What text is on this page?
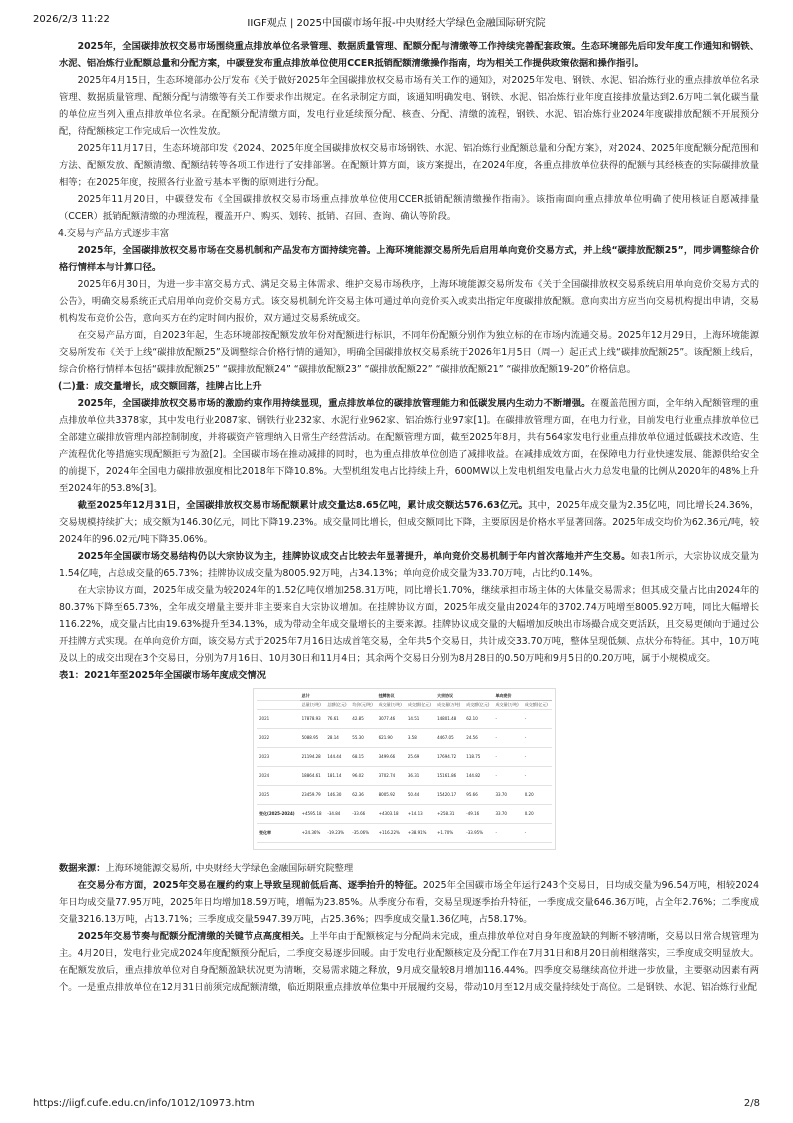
2026/2/3 11:22	IIGF观点 | 2025中国碳市场年报-中央财经大学绿色金融国际研究院

2025年，全国碳排放权交易市场围绕重点排放单位名录管理、数据质量管理、配额分配与清缴等工作持续完善配套政策。生态环境部先后印发年度工作通知和钢铁、水泥、铝冶炼行业配额总量和分配方案，中碳登发布重点排放单位使用CCER抵销配额清缴操作指南，均为相关工作提供政策依据和操作指引。

2025年4月15日，生态环境部办公厅发布《关于做好2025年全国碳排放权交易市场有关工作的通知》，对2025年发电、钢铁、水泥、铝冶炼行业的重点排放单位名录管理、数据质量管理、配额分配与清缴等有关工作要求作出规定。在名录制定方面，该通知明确发电、钢铁、水泥、铝冶炼行业年度直接排放量达到2.6万吨二氧化碳当量的单位应当列入重点排放单位名录。在配额分配清缴方面，发电行业延续预分配、核查、分配、清缴的流程，钢铁、水泥、铝冶炼行业2024年度碳排放配额不开展预分配，待配额核定工作完成后一次性发放。

2025年11月17日，生态环境部印发《2024、2025年度全国碳排放权交易市场钢铁、水泥、铝冶炼行业配额总量和分配方案》，对2024、2025年度配额分配范围和方法、配额发放、配额清缴、配额结转等各项工作进行了安排部署。在配额计算方面，该方案提出，在2024年度，各重点排放单位获得的配额与其经核查的实际碳排放量相等；在2025年度，按照各行业盈亏基本平衡的原则进行分配。

2025年11月20日，中碳登发布《全国碳排放权交易市场重点排放单位使用CCER抵销配额清缴操作指南》。该指南面向重点排放单位明确了使用核证自愿减排量（CCER）抵销配额清缴的办理流程，覆盖开户、购买、划转、抵销、召回、查询、确认等阶段。

4.交易与产品方式逐步丰富

2025年，全国碳排放权交易市场在交易机制和产品发布方面持续完善。上海环境能源交易所先后启用单向竞价交易方式，并上线“碳排放配额25”，同步调整综合价格行情样本与计算口径。

2025年6月30日，为进一步丰富交易方式、满足交易主体需求、维护交易市场秩序，上海环境能源交易所发布《关于全国碳排放权交易系统启用单向竞价交易方式的公告》，明确交易系统正式启用单向竞价交易方式。该交易机制允许交易主体可通过单向竞价买入或卖出指定年度碳排放配额。意向卖出方应当向交易机构提出申请，交易机构发布竞价公告，意向买方在约定时间内报价，双方通过交易系统成交。

在交易产品方面，自2023年起，生态环境部按配额发放年份对配额进行标识，不同年份配额分别作为独立标的在市场内流通交易。2025年12月29日，上海环境能源交易所发布《关于上线“碳排放配额25”及调整综合价格行情的通知》，明确全国碳排放权交易系统于2026年1月5日（周一）起正式上线“碳排放配额25”。该配额上线后，综合价格行情样本包括“碳排放配额25” “碳排放配额24” “碳排放配额23” “碳排放配额22” “碳排放配额21” “碳排放配额19-20”价格信息。

(二)量：成交量增长，成交额回落，挂牌占比上升

2025年，全国碳排放权交易市场的激励约束作用持续显现，重点排放单位的碳排放管理能力和低碳发展内生动力不断增强。在覆盖范围方面，全年纳入配额管理的重点排放单位共3378家，其中发电行业2087家、钢铁行业232家、水泥行业962家、铝冶炼行业97家[1]。在碳排放管理方面，在电力行业，目前发电行业重点排放单位已全部建立碳排放管理内部控制制度，并将碳资产管理纳入日常生产经营活动。在配额管理方面，截至2025年8月，共有564家发电行业重点排放单位通过低碳技术改造、生产流程优化等措施实现配额拒亏为盈[2]。全国碳市场在推动减排的同时，也为重点排放单位创造了减排收益。在减排成效方面，在保障电力行业快速发展、能源供给安全的前提下，2024年全国电力碳排放强度相比2018年下降10.8%。大型机组发电占比持续上升，600MW以上发电机组发电量占火力总发电量的比例从2020年的48%上升至2024年的53.8%[3]。

截至2025年12月31日，全国碳排放权交易市场配额累计成交量达8.65亿吨，累计成交额达576.63亿元。其中，2025年成交量为2.35亿吨，同比增长24.36%，交易规模持续扩大；成交额为146.30亿元，同比下降19.23%。成交量同比增长，但成交额同比下降，主要原因是价格水平显著回落。2025年成交均价为62.36元/吨，较2024年的96.02元/吨下降35.06%。

2025年全国碳市场交易结构仍以大宗协议为主，挂牌协议成交占比较去年显著提升，单向竞价交易机制于年内首次落地并产生交易。如表1所示，大宗协议成交量为1.54亿吨，占总成交量的65.73%；挂牌协议成交量为8005.92万吨，占34.13%；单向竞价成交量为33.70万吨，占比约0.14%。

在大宗协议方面，2025年成交量为较2024年的1.52亿吨仅增加258.31万吨，同比增长1.70%，继续承担市场主体的大体量交易需求；但其成交量占比由2024年的80.37%下降至65.73%，全年成交增量主要并非主要来自大宗协议增加。在挂牌协议方面，2025年成交量由2024年的3702.74万吨增至8005.92万吨，同比大幅增长116.22%，成交量占比由19.63%提升至34.13%，成为带动全年成交量增长的主要来源。挂牌协议成交量的大幅增加反映出市场撮合成交更活跃，且交易更倾向于通过公开挂牌方式实现。在单向竞价方面，该交易方式于2025年7月16日达成首笔交易，全年共5个交易日，共计成交33.70万吨，整体呈现低频、点状分布特征。其中，10万吨及以上的成交出现在3个交易日，分别为7月16日、10月30日和11月4日；其余两个交易日分别为8月28日的0.50万吨和9月5日的0.20万吨，属于小规模成交。

表1：2021年至2025年全国碳市场年度成交情况

	总计			挂牌协议		大宗协议		单向竞价	
	总量(万吨)	总额(亿元)	均价(元/吨)	成交量(万吨)	成交额(亿元)	成交量(万吨)	成交额(亿元)	成交量(万吨)	成交额(亿元)
2021	17878.93	76.61	42.85	3077.46	14.51	14801.48	62.10	-	-
2022	5088.95	28.14	55.30	621.90	3.58	4467.05	24.56	-	-
2023	21194.28	144.44	68.15	3499.66	25.69	17694.72	118.75	-	-
2024	18864.61	181.14	96.02	3702.74	36.31	15161.86	144.82	-	-
2025	23459.79	146.30	62.36	8005.92	50.44	15420.17	95.66	33.70	0.20
变化(2025-2024)	+4595.18	-34.84	-33.66	+4303.18	+14.13	+258.31	-49.16	33.70	0.20
变化率	+24.36%	-19.23%	-35.06%	+116.22%	+38.91%	+1.70%	-33.95%	-	-

数据来源：上海环境能源交易所, 中央财经大学绿色金融国际研究院整理

在交易分布方面，2025年交易在履约约束上导致呈现前低后高、逐季抬升的特征。2025年全国碳市场全年运行243个交易日，日均成交量为96.54万吨，相较2024年日均成交量77.95万吨，2025年日均增加18.59万吨，增幅为23.85%。从季度分布看，交易呈现逐季抬升特征，一季度成交量646.36万吨，占全年2.76%；二季度成交量3216.13万吨，占13.71%；三季度成交量5947.39万吨，占25.36%；四季度成交量1.36亿吨，占58.17%。

2025年交易节奏与配额分配清缴的关键节点高度相关。上半年由于配额核定与分配尚未完成，重点排放单位对自身年度盈缺的判断不够清晰，交易以日常合规管理为主。4月20日，发电行业完成2024年度配额预分配后，二季度交易逐步回暖。由于发电行业配额核定及分配工作在7月31日和8月20日前相继落实，三季度成交明显放大。在配额发放后，重点排放单位对自身配额盈缺状况更为清晰，交易需求随之释放，9月成交量较8月增加116.44%。四季度交易继续高位并进一步放量，主要驱动因素有两个。一是重点排放单位在12月31日前须完成配额清缴，临近期限重点排放单位集中开展履约交易，带动10月至12月成交量持续处于高位。二是钢铁、水泥、铝冶炼行业配

https://iigf.cufe.edu.cn/info/1012/10973.htm	2/8
